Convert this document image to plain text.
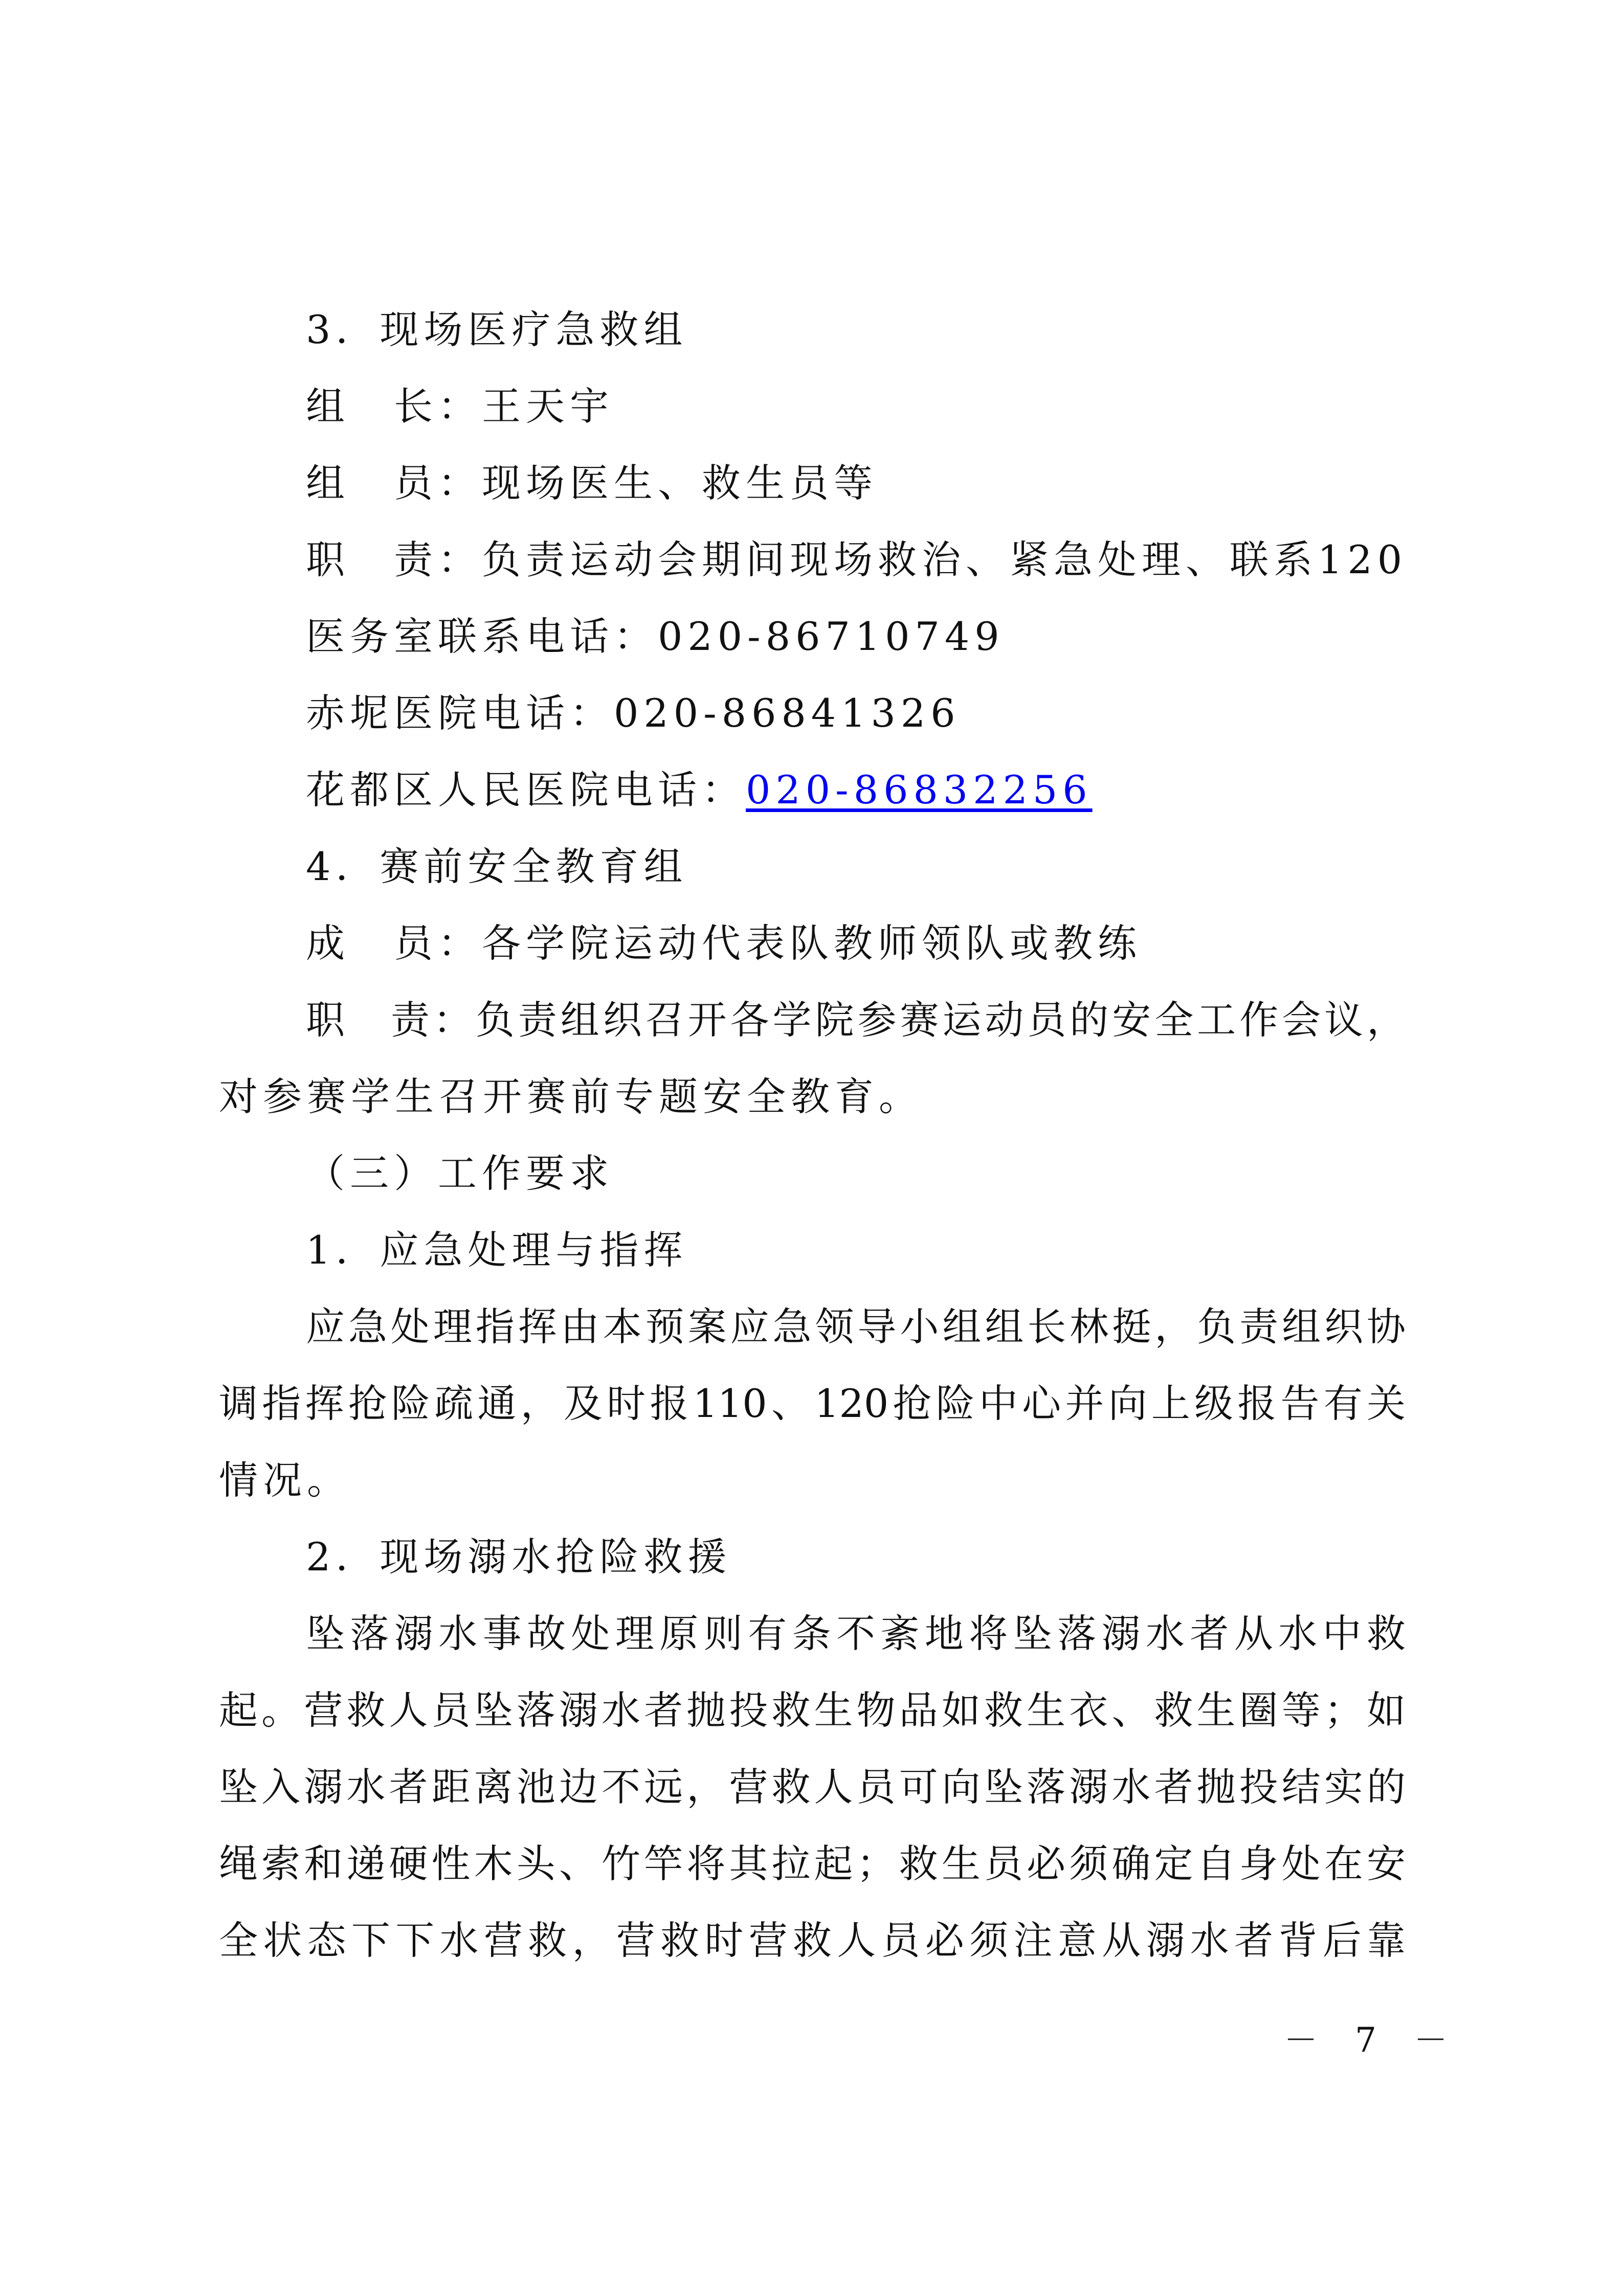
3．现场医疗急救组
组　长：王天宇
组　员：现场医生、救生员等
职　责：负责运动会期间现场救治、紧急处理、联系120
医务室联系电话：020-86710749
赤坭医院电话：020-86841326
花都区人民医院电话：020-86832256
4．赛前安全教育组
成　员：各学院运动代表队教师领队或教练
职　责：负责组织召开各学院参赛运动员的安全工作会议，
对参赛学生召开赛前专题安全教育。
（三）工作要求
1．应急处理与指挥
应急处理指挥由本预案应急领导小组组长林挺，负责组织协
调指挥抢险疏通，及时报110、120抢险中心并向上级报告有关
情况。
2．现场溺水抢险救援
坠落溺水事故处理原则有条不紊地将坠落溺水者从水中救
起。营救人员坠落溺水者抛投救生物品如救生衣、救生圈等；如
坠入溺水者距离池边不远，营救人员可向坠落溺水者抛投结实的
绳索和递硬性木头、竹竿将其拉起；救生员必须确定自身处在安
全状态下下水营救，营救时营救人员必须注意从溺水者背后靠
－ 7 －
